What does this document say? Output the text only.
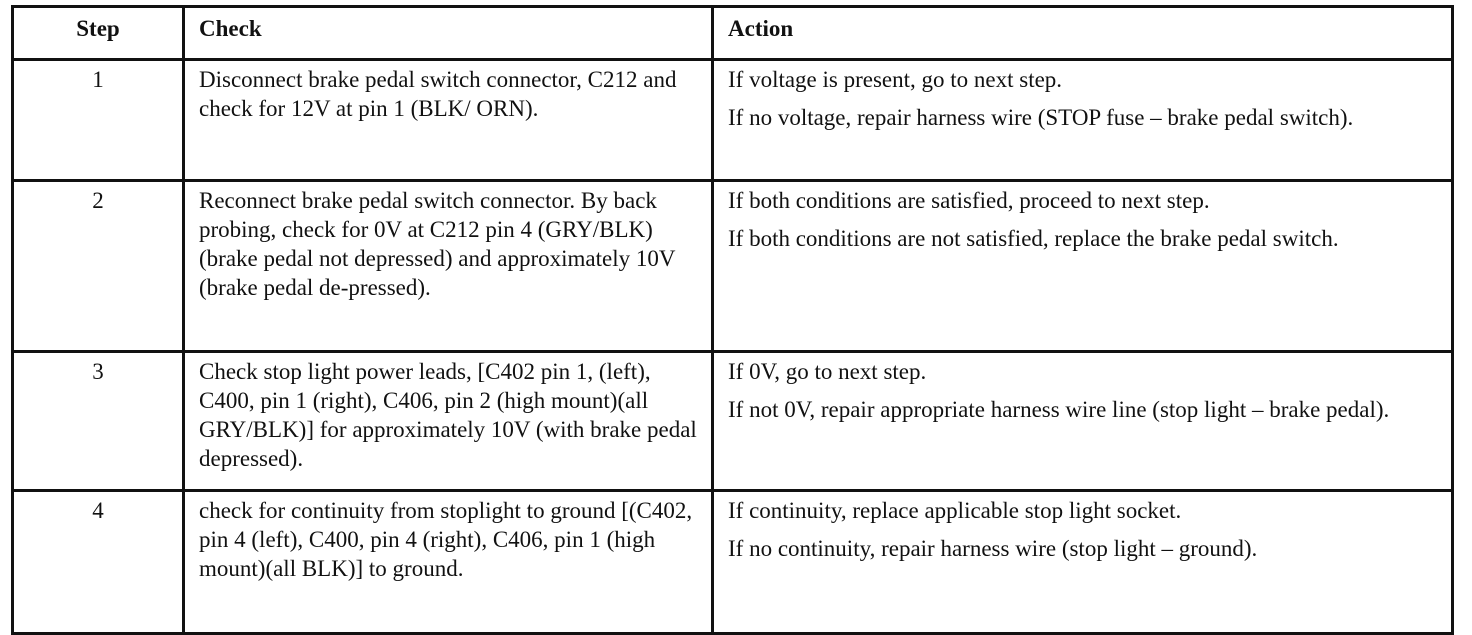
Step	Check	Action
1	Disconnect brake pedal switch connector, C212 and check for 12V at pin 1 (BLK/ ORN).	If voltage is present, go to next step.

If no voltage, repair harness wire (STOP fuse – brake pedal switch).

2	Reconnect brake pedal switch connector. By back probing, check for 0V at C212 pin 4 (GRY/BLK) (brake pedal not depressed) and approximately 10V (brake pedal de-pressed).	If both conditions are satisfied, proceed to next step.

If both conditions are not satisfied, replace the brake pedal switch.

3	Check stop light power leads, [C402 pin 1, (left), C400, pin 1 (right), C406, pin 2 (high mount)(all GRY/BLK)] for approximately 10V (with brake pedal depressed).	If 0V, go to next step.

If not 0V, repair appropriate harness wire line (stop light – brake pedal).

4	check for continuity from stoplight to ground [(C402, pin 4 (left), C400, pin 4 (right), C406, pin 1 (high mount)(all BLK)] to ground.	If continuity, replace applicable stop light socket.

If no continuity, repair harness wire (stop light – ground).
